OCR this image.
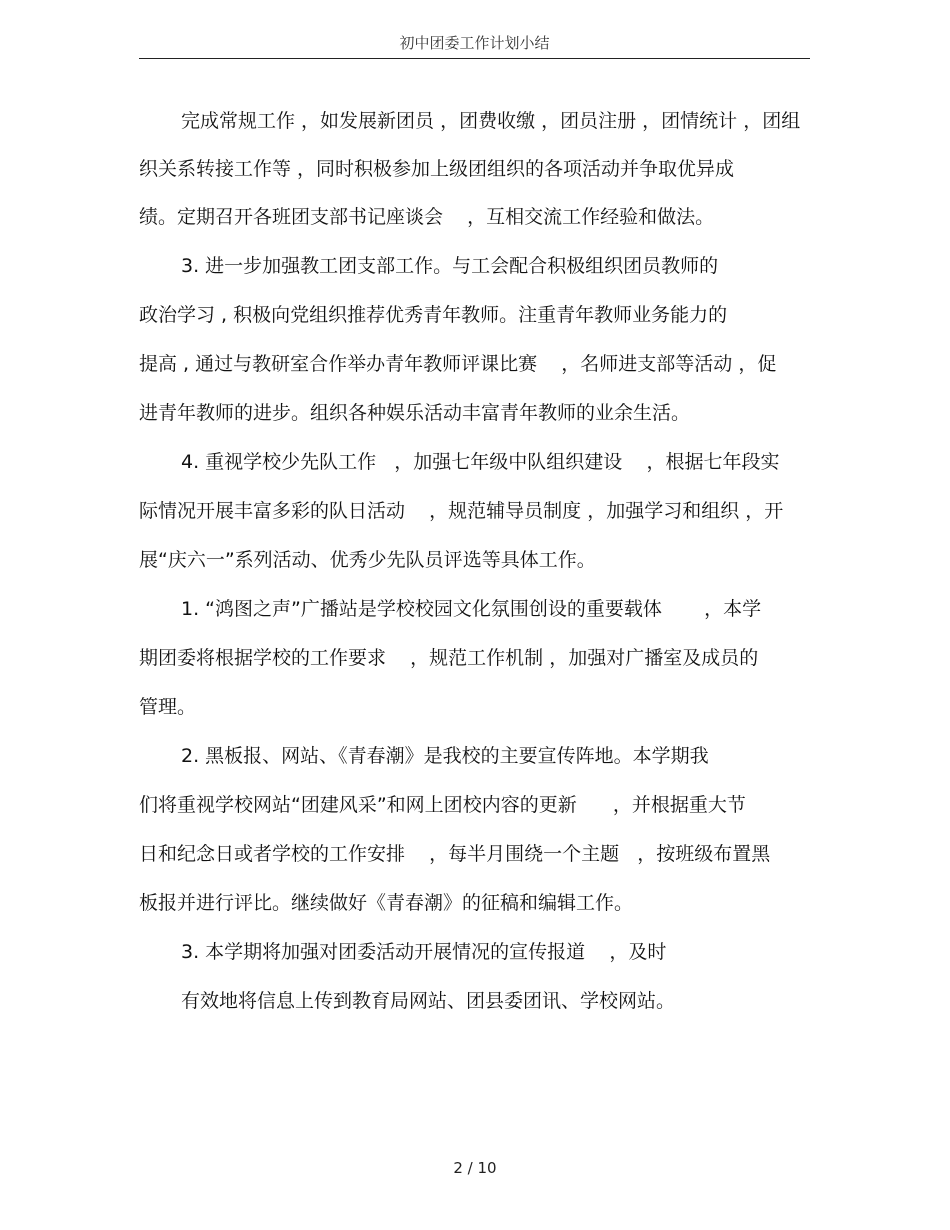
初中团委工作计划小结
完成常规工作 ，如发展新团员 ，团费收缴 ，团员注册 ，团情统计 ，团组
织关系转接工作等 ，同时积极参加上级团组织的各项活动并争取优异成
绩。定期召开各班团支部书记座谈会    ，互相交流工作经验和做法。
3. 进一步加强教工团支部工作。与工会配合积极组织团员教师的
政治学习 , 积极向党组织推荐优秀青年教师。注重青年教师业务能力的
提高 , 通过与教研室合作举办青年教师评课比赛    ，名师进支部等活动 ，促
进青年教师的进步。组织各种娱乐活动丰富青年教师的业余生活。
4. 重视学校少先队工作   ，加强七年级中队组织建设    ，根据七年段实
际情况开展丰富多彩的队日活动    ，规范辅导员制度 ，加强学习和组织 ，开
展“庆六一”系列活动、优秀少先队员评选等具体工作。
1. “鸿图之声”广播站是学校校园文化氛围创设的重要载体       ，本学
期团委将根据学校的工作要求    ，规范工作机制 ，加强对广播室及成员的
管理。
2. 黑板报、网站、《青春潮》是我校的主要宣传阵地。本学期我
们将重视学校网站“团建风采”和网上团校内容的更新      ，并根据重大节
日和纪念日或者学校的工作安排    ，每半月围绕一个主题   ，按班级布置黑
板报并进行评比。继续做好《青春潮》的征稿和编辑工作。
3. 本学期将加强对团委活动开展情况的宣传报道    ，及时
有效地将信息上传到教育局网站、团县委团讯、学校网站。
2 / 10
